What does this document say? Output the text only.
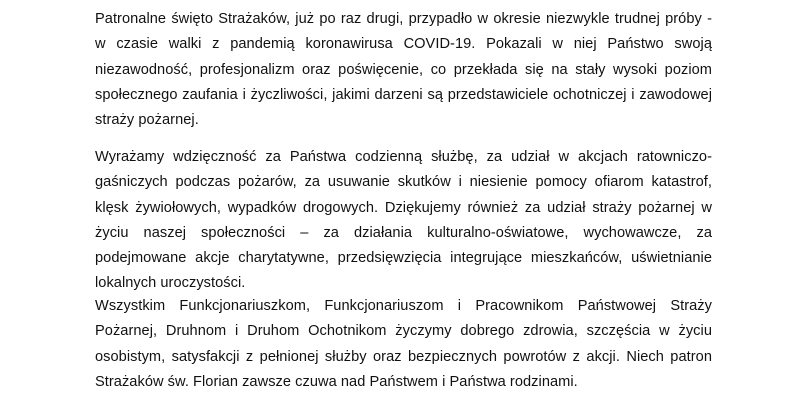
Patronalne święto Strażaków, już po raz drugi, przypadło w okresie niezwykle trudnej próby - w czasie walki z pandemią koronawirusa COVID-19. Pokazali w niej Państwo swoją niezawodność, profesjonalizm oraz poświęcenie, co przekłada się na stały wysoki poziom społecznego zaufania i życzliwości, jakimi darzeni są przedstawiciele ochotniczej i zawodowej straży pożarnej.

Wyrażamy wdzięczność za Państwa codzienną służbę, za udział w akcjach ratowniczo-gaśniczych podczas pożarów, za usuwanie skutków i niesienie pomocy ofiarom katastrof, klęsk żywiołowych, wypadków drogowych. Dziękujemy również za udział straży pożarnej w życiu naszej społeczności – za działania kulturalno-oświatowe, wychowawcze, za podejmowane akcje charytatywne, przedsięwzięcia integrujące mieszkańców, uświetnianie lokalnych uroczystości.

Wszystkim Funkcjonariuszkom, Funkcjonariuszom i Pracownikom Państwowej Straży Pożarnej, Druhnom i Druhom Ochotnikom życzymy dobrego zdrowia, szczęścia w życiu osobistym, satysfakcji z pełnionej służby oraz bezpiecznych powrotów z akcji. Niech patron Strażaków św. Florian zawsze czuwa nad Państwem i Państwa rodzinami.
